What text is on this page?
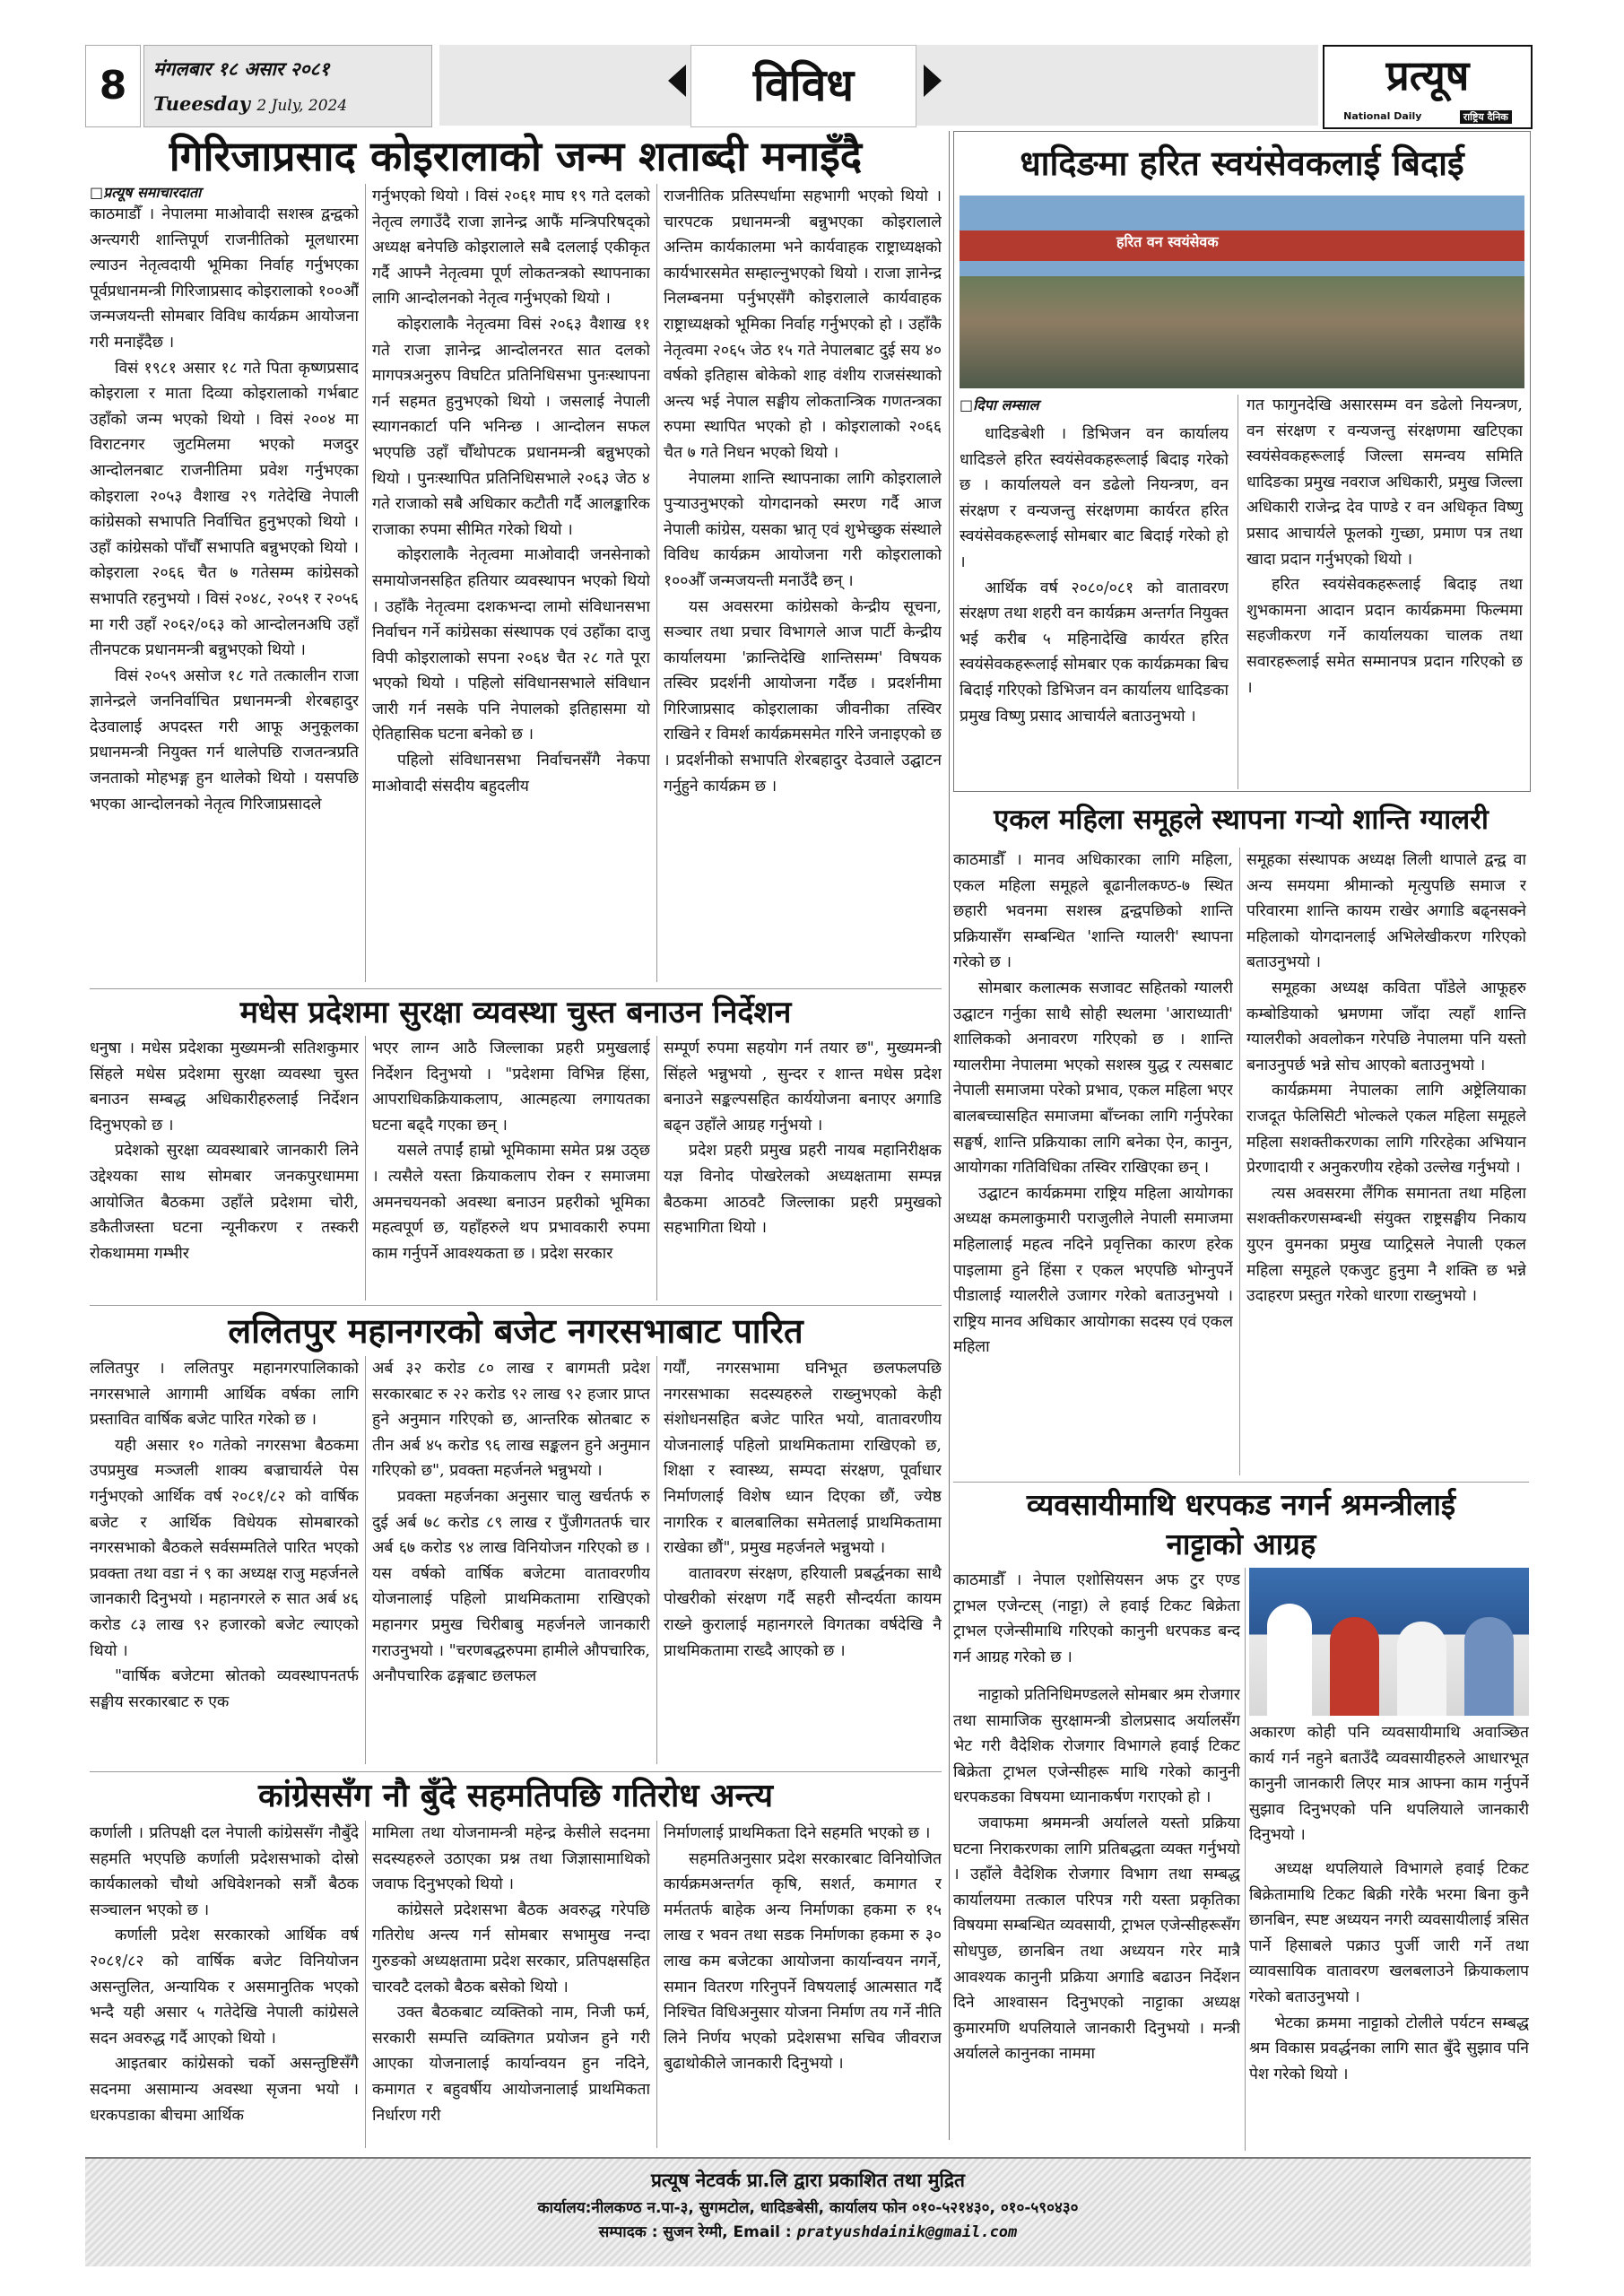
8	मंगलबार १८ असार २०८१
Tueesday 2 July, 2024	विविध	प्रत्यूष
National Daily	राष्ट्रिय दैनिक
गिरिजाप्रसाद कोइरालाको जन्म शताब्दी मनाइँदै
□ प्रत्यूष समाचारदाता

काठमाडौँ । नेपालमा माओवादी सशस्त्र द्वन्द्वको अन्त्यगरी शान्तिपूर्ण राजनीतिको मूलधारमा ल्याउन नेतृत्वदायी भूमिका निर्वाह गर्नुभएका पूर्वप्रधानमन्त्री गिरिजाप्रसाद कोइरालाको १००औँ जन्मजयन्ती सोमबार विविध कार्यक्रम आयोजना गरी मनाइँदैछ ।

विसं १९८१ असार १८ गते पिता कृष्णप्रसाद कोइराला र माता दिव्या कोइरालाको गर्भबाट उहाँको जन्म भएको थियो । विसं २००४ मा विराटनगर जुटमिलमा भएको मजदुर आन्दोलनबाट राजनीतिमा प्रवेश गर्नुभएका कोइराला २०५३ वैशाख २९ गतेदेखि नेपाली कांग्रेसको सभापति निर्वाचित हुनुभएको थियो । उहाँ कांग्रेसको पाँचौँ सभापति बन्नुभएको थियो । कोइराला २०६६ चैत ७ गतेसम्म कांग्रेसको सभापति रहनुभयो । विसं २०४८, २०५१ र २०५६ मा गरी उहाँ २०६२/०६३ को आन्दोलनअघि उहाँ तीनपटक प्रधानमन्त्री बन्नुभएको थियो ।

विसं २०५९ असोज १८ गते तत्कालीन राजा ज्ञानेन्द्रले जननिर्वाचित प्रधानमन्त्री शेरबहादुर देउवालाई अपदस्त गरी आफू अनुकूलका प्रधानमन्त्री नियुक्त गर्न थालेपछि राजतन्त्रप्रति जनताको मोहभङ्ग हुन थालेको थियो । यसपछि भएका आन्दोलनको नेतृत्व गिरिजाप्रसादले

गर्नुभएको थियो । विसं २०६१ माघ १९ गते दलको नेतृत्व लगाउँदै राजा ज्ञानेन्द्र आफैं मन्त्रिपरिषद्को अध्यक्ष बनेपछि कोइरालाले सबै दललाई एकीकृत गर्दै आफ्नै नेतृत्वमा पूर्ण लोकतन्त्रको स्थापनाका लागि आन्दोलनको नेतृत्व गर्नुभएको थियो ।

कोइरालाकै नेतृत्वमा विसं २०६३ वैशाख ११ गते राजा ज्ञानेन्द्र आन्दोलनरत सात दलको मागपत्रअनुरुप विघटित प्रतिनिधिसभा पुनःस्थापना गर्न सहमत हुनुभएको थियो । जसलाई नेपाली स्यागनकार्टा पनि भनिन्छ । आन्दोलन सफल भएपछि उहाँ चौँथोपटक प्रधानमन्त्री बन्नुभएको थियो । पुनःस्थापित प्रतिनिधिसभाले २०६३ जेठ ४ गते राजाको सबै अधिकार कटौती गर्दै आलङ्कारिक राजाका रुपमा सीमित गरेको थियो ।

कोइरालाकै नेतृत्वमा माओवादी जनसेनाको समायोजनसहित हतियार व्यवस्थापन भएको थियो । उहाँकै नेतृत्वमा दशकभन्दा लामो संविधानसभा निर्वाचन गर्ने कांग्रेसका संस्थापक एवं उहाँका दाजु विपी कोइरालाको सपना २०६४ चैत २८ गते पूरा भएको थियो । पहिलो संविधानसभाले संविधान जारी गर्न नसके पनि नेपालको इतिहासमा यो ऐतिहासिक घटना बनेको छ ।

पहिलो संविधानसभा निर्वाचनसँगै नेकपा माओवादी संसदीय बहुदलीय

राजनीतिक प्रतिस्पर्धामा सहभागी भएको थियो । चारपटक प्रधानमन्त्री बन्नुभएका कोइरालाले अन्तिम कार्यकालमा भने कार्यवाहक राष्ट्राध्यक्षको कार्यभारसमेत सम्हाल्नुभएको थियो । राजा ज्ञानेन्द्र निलम्बनमा पर्नुभएसँगै कोइरालाले कार्यवाहक राष्ट्राध्यक्षको भूमिका निर्वाह गर्नुभएको हो । उहाँकै नेतृत्वमा २०६५ जेठ १५ गते नेपालबाट दुई सय ४० वर्षको इतिहास बोकेको शाह वंशीय राजसंस्थाको अन्त्य भई नेपाल सङ्घीय लोकतान्त्रिक गणतन्त्रका रुपमा स्थापित भएको हो । कोइरालाको २०६६ चैत ७ गते निधन भएको थियो ।

नेपालमा शान्ति स्थापनाका लागि कोइरालाले पुऱ्याउनुभएको योगदानको स्मरण गर्दै आज नेपाली कांग्रेस, यसका भ्रातृ एवं शुभेच्छुक संस्थाले विविध कार्यक्रम आयोजना गरी कोइरालाको १००औँ जन्मजयन्ती मनाउँदै छन् ।

यस अवसरमा कांग्रेसको केन्द्रीय सूचना, सञ्चार तथा प्रचार विभागले आज पार्टी केन्द्रीय कार्यालयमा 'क्रान्तिदेखि शान्तिसम्म' विषयक तस्विर प्रदर्शनी आयोजना गर्दैछ । प्रदर्शनीमा गिरिजाप्रसाद कोइरालाका जीवनीका तस्विर राखिने र विमर्श कार्यक्रमसमेत गरिने जनाइएको छ । प्रदर्शनीको सभापति शेरबहादुर देउवाले उद्घाटन गर्नुहुने कार्यक्रम छ ।

धादिङमा हरित स्वयंसेवकलाई बिदाई
हरित वन स्वयंसेवक
□ दिपा लम्साल

धादिङबेशी । डिभिजन वन कार्यालय धादिङले हरित स्वयंसेवकहरूलाई बिदाइ गरेको छ । कार्यालयले वन डढेलो नियन्त्रण, वन संरक्षण र वन्यजन्तु संरक्षणमा कार्यरत हरित स्वयंसेवकहरूलाई सोमबार बाट बिदाई गरेको हो ।

आर्थिक वर्ष २०८०/०८१ को वातावरण संरक्षण तथा शहरी वन कार्यक्रम अन्तर्गत नियुक्त भई करीब ५ महिनादेखि कार्यरत हरित स्वयंसेवकहरूलाई सोमबार एक कार्यक्रमका बिच बिदाई गरिएको डिभिजन वन कार्यालय धादिङका प्रमुख विष्णु प्रसाद आचार्यले बताउनुभयो ।

गत फागुनदेखि असारसम्म वन डढेलो नियन्त्रण, वन संरक्षण र वन्यजन्तु संरक्षणमा खटिएका स्वयंसेवकहरूलाई जिल्ला समन्वय समिति धादिङका प्रमुख नवराज अधिकारी, प्रमुख जिल्ला अधिकारी राजेन्द्र देव पाण्डे र वन अधिकृत विष्णु प्रसाद आचार्यले फूलको गुच्छा, प्रमाण पत्र तथा खादा प्रदान गर्नुभएको थियो ।

हरित स्वयंसेवकहरूलाई बिदाइ तथा शुभकामना आदान प्रदान कार्यक्रममा फिल्ममा सहजीकरण गर्ने कार्यालयका चालक तथा सवारहरूलाई समेत सम्मानपत्र प्रदान गरिएको छ ।

एकल महिला समूहले स्थापना गर्‍यो शान्ति ग्यालरी

काठमाडौँ । मानव अधिकारका लागि महिला, एकल महिला समूहले बूढानीलकण्ठ-७ स्थित छहारी भवनमा सशस्त्र द्वन्द्वपछिको शान्ति प्रक्रियासँग सम्बन्धित 'शान्ति ग्यालरी' स्थापना गरेको छ ।

सोमबार कलात्मक सजावट सहितको ग्यालरी उद्घाटन गर्नुका साथै सोही स्थलमा 'आराध्याती' शालिकको अनावरण गरिएको छ । शान्ति ग्यालरीमा नेपालमा भएको सशस्त्र युद्ध र त्यसबाट नेपाली समाजमा परेको प्रभाव, एकल महिला भएर बालबच्चासहित समाजमा बाँच्नका लागि गर्नुपरेका सङ्घर्ष, शान्ति प्रक्रियाका लागि बनेका ऐन, कानुन, आयोगका गतिविधिका तस्विर राखिएका छन् ।

उद्घाटन कार्यक्रममा राष्ट्रिय महिला आयोगका अध्यक्ष कमलाकुमारी पराजुलीले नेपाली समाजमा महिलालाई महत्व नदिने प्रवृत्तिका कारण हरेक पाइलामा हुने हिंसा र एकल भएपछि भोग्नुपर्ने पीडालाई ग्यालरीले उजागर गरेको बताउनुभयो । राष्ट्रिय मानव अधिकार आयोगका सदस्य एवं एकल महिला

समूहका संस्थापक अध्यक्ष लिली थापाले द्वन्द्व वा अन्य समयमा श्रीमान्को मृत्युपछि समाज र परिवारमा शान्ति कायम राखेर अगाडि बढ्नसक्ने महिलाको योगदानलाई अभिलेखीकरण गरिएको बताउनुभयो ।

समूहका अध्यक्ष कविता पाँडेले आफूहरु कम्बोडियाको भ्रमणमा जाँदा त्यहाँ शान्ति ग्यालरीको अवलोकन गरेपछि नेपालमा पनि यस्तो बनाउनुपर्छ भन्ने सोच आएको बताउनुभयो ।

कार्यक्रममा नेपालका लागि अष्ट्रेलियाका राजदूत फेलिसिटी भोल्कले एकल महिला समूहले महिला सशक्तीकरणका लागि गरिरहेका अभियान प्रेरणादायी र अनुकरणीय रहेको उल्लेख गर्नुभयो ।

त्यस अवसरमा लैंगिक समानता तथा महिला सशक्तीकरणसम्बन्धी संयुक्त राष्ट्रसङ्घीय निकाय युएन वुमनका प्रमुख प्याट्रिसले नेपाली एकल महिला समूहले एकजुट हुनुमा नै शक्ति छ भन्ने उदाहरण प्रस्तुत गरेको धारणा राख्नुभयो ।

मधेस प्रदेशमा सुरक्षा व्यवस्था चुस्त बनाउन निर्देशन

धनुषा । मधेस प्रदेशका मुख्यमन्त्री सतिशकुमार सिंहले मधेस प्रदेशमा सुरक्षा व्यवस्था चुस्त बनाउन सम्बद्ध अधिकारीहरुलाई निर्देशन दिनुभएको छ ।

प्रदेशको सुरक्षा व्यवस्थाबारे जानकारी लिने उद्देश्यका साथ सोमबार जनकपुरधाममा आयोजित बैठकमा उहाँले प्रदेशमा चोरी, डकैतीजस्ता घटना न्यूनीकरण र तस्करी रोकथाममा गम्भीर

भएर लाग्न आठै जिल्लाका प्रहरी प्रमुखलाई निर्देशन दिनुभयो । "प्रदेशमा विभिन्न हिंसा, आपराधिकक्रियाकलाप, आत्महत्या लगायतका घटना बढ्दै गएका छन् ।

यसले तपाईं हाम्रो भूमिकामा समेत प्रश्न उठ्छ । त्यसैले यस्ता क्रियाकलाप रोक्न र समाजमा अमनचयनको अवस्था बनाउन प्रहरीको भूमिका महत्वपूर्ण छ, यहाँहरुले थप प्रभावकारी रुपमा काम गर्नुपर्ने आवश्यकता छ । प्रदेश सरकार

सम्पूर्ण रुपमा सहयोग गर्न तयार छ", मुख्यमन्त्री सिंहले भन्नुभयो , सुन्दर र शान्त मधेस प्रदेश बनाउने सङ्कल्पसहित कार्ययोजना बनाएर अगाडि बढ्न उहाँले आग्रह गर्नुभयो ।

प्रदेश प्रहरी प्रमुख प्रहरी नायब महानिरीक्षक यज्ञ विनोद पोखरेलको अध्यक्षतामा सम्पन्न बैठकमा आठवटै जिल्लाका प्रहरी प्रमुखको सहभागिता थियो ।

ललितपुर महानगरको बजेट नगरसभाबाट पारित

ललितपुर । ललितपुर महानगरपालिकाको नगरसभाले आगामी आर्थिक वर्षका लागि प्रस्तावित वार्षिक बजेट पारित गरेको छ ।

यही असार १० गतेको नगरसभा बैठकमा उपप्रमुख मञ्जली शाक्य बज्राचार्यले पेस गर्नुभएको आर्थिक वर्ष २०८१/८२ को वार्षिक बजेट र आर्थिक विधेयक सोमबारको नगरसभाको बैठकले सर्वसम्मतिले पारित भएको प्रवक्ता तथा वडा नं ९ का अध्यक्ष राजु महर्जनले जानकारी दिनुभयो । महानगरले रु सात अर्ब ४६ करोड ८३ लाख ९२ हजारको बजेट ल्याएको थियो ।

"वार्षिक बजेटमा स्रोतको व्यवस्थापनतर्फ सङ्घीय सरकारबाट रु एक

अर्ब ३२ करोड ८० लाख र बागमती प्रदेश सरकारबाट रु २२ करोड ९२ लाख ९२ हजार प्राप्त हुने अनुमान गरिएको छ, आन्तरिक स्रोतबाट रु तीन अर्ब ४५ करोड ९६ लाख सङ्कलन हुने अनुमान गरिएको छ", प्रवक्ता महर्जनले भन्नुभयो ।

प्रवक्ता महर्जनका अनुसार चालु खर्चतर्फ रु दुई अर्ब ७८ करोड ८९ लाख र पुँजीगततर्फ चार अर्ब ६७ करोड ९४ लाख विनियोजन गरिएको छ । यस वर्षको वार्षिक बजेटमा वातावरणीय योजनालाई पहिलो प्राथमिकतामा राखिएको महानगर प्रमुख चिरीबाबु महर्जनले जानकारी गराउनुभयो । "चरणबद्धरुपमा हामीले औपचारिक, अनौपचारिक ढङ्गबाट छलफल

गर्यौं, नगरसभामा घनिभूत छलफलपछि नगरसभाका सदस्यहरुले राख्नुभएको केही संशोधनसहित बजेट पारित भयो, वातावरणीय योजनालाई पहिलो प्राथमिकतामा राखिएको छ, शिक्षा र स्वास्थ्य, सम्पदा संरक्षण, पूर्वाधार निर्माणलाई विशेष ध्यान दिएका छौं, ज्येष्ठ नागरिक र बालबालिका समेतलाई प्राथमिकतामा राखेका छौं", प्रमुख महर्जनले भन्नुभयो ।

वातावरण संरक्षण, हरियाली प्रबर्द्धनका साथै पोखरीको संरक्षण गर्दै सहरी सौन्दर्यता कायम राख्ने कुरालाई महानगरले विगतका वर्षदेखि नै प्राथमिकतामा राख्दै आएको छ ।

कांग्रेससँग नौ बुँदे सहमतिपछि गतिरोध अन्त्य

कर्णाली । प्रतिपक्षी दल नेपाली कांग्रेससँग नौबुँदे सहमति भएपछि कर्णाली प्रदेशसभाको दोस्रो कार्यकालको चौथो अधिवेशनको सत्रौं बैठक सञ्चालन भएको छ ।

कर्णाली प्रदेश सरकारको आर्थिक वर्ष २०८१/८२ को वार्षिक बजेट विनियोजन असन्तुलित, अन्यायिक र असमानुतिक भएको भन्दै यही असार ५ गतेदेखि नेपाली कांग्रेसले सदन अवरुद्ध गर्दै आएको थियो ।

आइतबार कांग्रेसको चर्को असन्तुष्टिसँगै सदनमा असामान्य अवस्था सृजना भयो । धरकपडाका बीचमा आर्थिक

मामिला तथा योजनामन्त्री महेन्द्र केसीले सदनमा सदस्यहरुले उठाएका प्रश्न तथा जिज्ञासामाथिको जवाफ दिनुभएको थियो ।

कांग्रेसले प्रदेशसभा बैठक अवरुद्ध गरेपछि गतिरोध अन्त्य गर्न सोमबार सभामुख नन्दा गुरुङको अध्यक्षतामा प्रदेश सरकार, प्रतिपक्षसहित चारवटै दलको बैठक बसेको थियो ।

उक्त बैठकबाट व्यक्तिको नाम, निजी फर्म, सरकारी सम्पत्ति व्यक्तिगत प्रयोजन हुने गरी आएका योजनालाई कार्यान्वयन हुन नदिने, कमागत र बहुवर्षीय आयोजनालाई प्राथमिकता निर्धारण गरी

निर्माणलाई प्राथमिकता दिने सहमति भएको छ ।

सहमतिअनुसार प्रदेश सरकारबाट विनियोजित कार्यक्रमअन्तर्गत कृषि, सशर्त, कमागत र मर्मततर्फ बाहेक अन्य निर्माणका हकमा रु १५ लाख र भवन तथा सडक निर्माणका हकमा रु ३० लाख कम बजेटका आयोजना कार्यान्वयन नगर्ने, समान वितरण गरिनुपर्ने विषयलाई आत्मसात गर्दै निश्चित विधिअनुसार योजना निर्माण तय गर्ने नीति लिने निर्णय भएको प्रदेशसभा सचिव जीवराज बुढाथोकीले जानकारी दिनुभयो ।

व्यवसायीमाथि धरपकड नगर्न श्रमन्त्रीलाई
नाट्टाको आग्रह

काठमाडौँ । नेपाल एशोसियसन अफ टुर एण्ड ट्राभल एजेन्टस् (नाट्टा) ले हवाई टिकट बिक्रेता ट्राभल एजेन्सीमाथि गरिएको कानुनी धरपकड बन्द गर्न आग्रह गरेको छ ।

नाट्टाको प्रतिनिधिमण्डलले सोमबार श्रम रोजगार तथा सामाजिक सुरक्षामन्त्री डोलप्रसाद अर्यालसँग भेट गरी वैदेशिक रोजगार विभागले हवाई टिकट बिक्रेता ट्राभल एजेन्सीहरू माथि गरेको कानुनी धरपकडका विषयमा ध्यानाकर्षण गराएको हो ।

जवाफमा श्रममन्त्री अर्यालले यस्तो प्रक्रिया घटना निराकरणका लागि प्रतिबद्धता व्यक्त गर्नुभयो । उहाँले वैदेशिक रोजगार विभाग तथा सम्बद्ध कार्यालयमा तत्काल परिपत्र गरी यस्ता प्रकृतिका विषयमा सम्बन्धित व्यवसायी, ट्राभल एजेन्सीहरूसँग सोधपुछ, छानबिन तथा अध्ययन गरेर मात्रै आवश्यक कानुनी प्रक्रिया अगाडि बढाउन निर्देशन दिने आश्वासन दिनुभएको नाट्टाका अध्यक्ष कुमारमणि थपलियाले जानकारी दिनुभयो । मन्त्री अर्यालले कानुनका नाममा

अकारण कोही पनि व्यवसायीमाथि अवाञ्छित कार्य गर्न नहुने बताउँदै व्यवसायीहरुले आधारभूत कानुनी जानकारी लिएर मात्र आफ्ना काम गर्नुपर्ने सुझाव दिनुभएको पनि थपलियाले जानकारी दिनुभयो ।

अध्यक्ष थपलियाले विभागले हवाई टिकट बिक्रेतामाथि टिकट बिक्री गरेकै भरमा बिना कुनै छानबिन, स्पष्ट अध्ययन नगरी व्यवसायीलाई त्रसित पार्ने हिसाबले पक्राउ पुर्जी जारी गर्ने तथा व्यावसायिक वातावरण खलबलाउने क्रियाकलाप गरेको बताउनुभयो ।

भेटका क्रममा नाट्टाको टोलीले पर्यटन सम्बद्ध श्रम विकास प्रवर्द्धनका लागि सात बुँदे सुझाव पनि पेश गरेको थियो ।

प्रत्यूष नेटवर्क प्रा.लि द्वारा प्रकाशित तथा मुद्रित
कार्यालय:नीलकण्ठ न.पा-३, सुगमटोल, धादिङबेसी, कार्यालय फोन ०१०-५२१४३०, ०१०-५९०४३०
सम्पादक : सुजन रेग्मी, Email : pratyushdainik@gmail.com
